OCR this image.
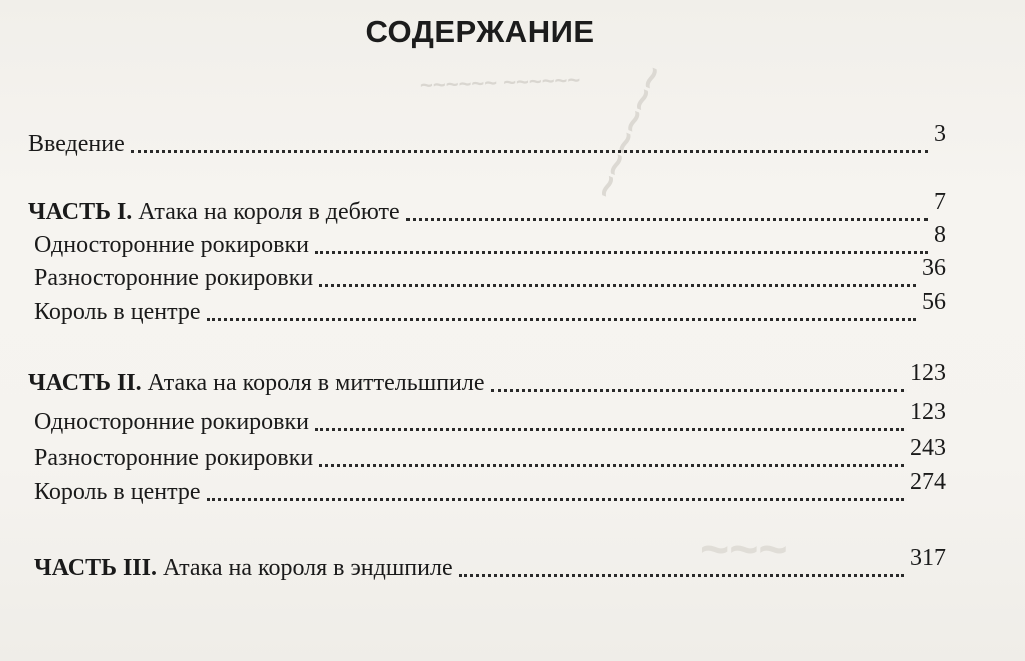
~~~~~~ ~~~~~~ ~~~~~~
~~~
СОДЕРЖАНИЕ
Введение	3
ЧАСТЬ I. Атака на короля в дебюте	7
Односторонние рокировки	8
Разносторонние рокировки	36
Король в центре	56
ЧАСТЬ II. Атака на короля в миттельшпиле	123
Односторонние рокировки	123
Разносторонние рокировки	243
Король в центре	274
ЧАСТЬ III. Атака на короля в эндшпиле	317
